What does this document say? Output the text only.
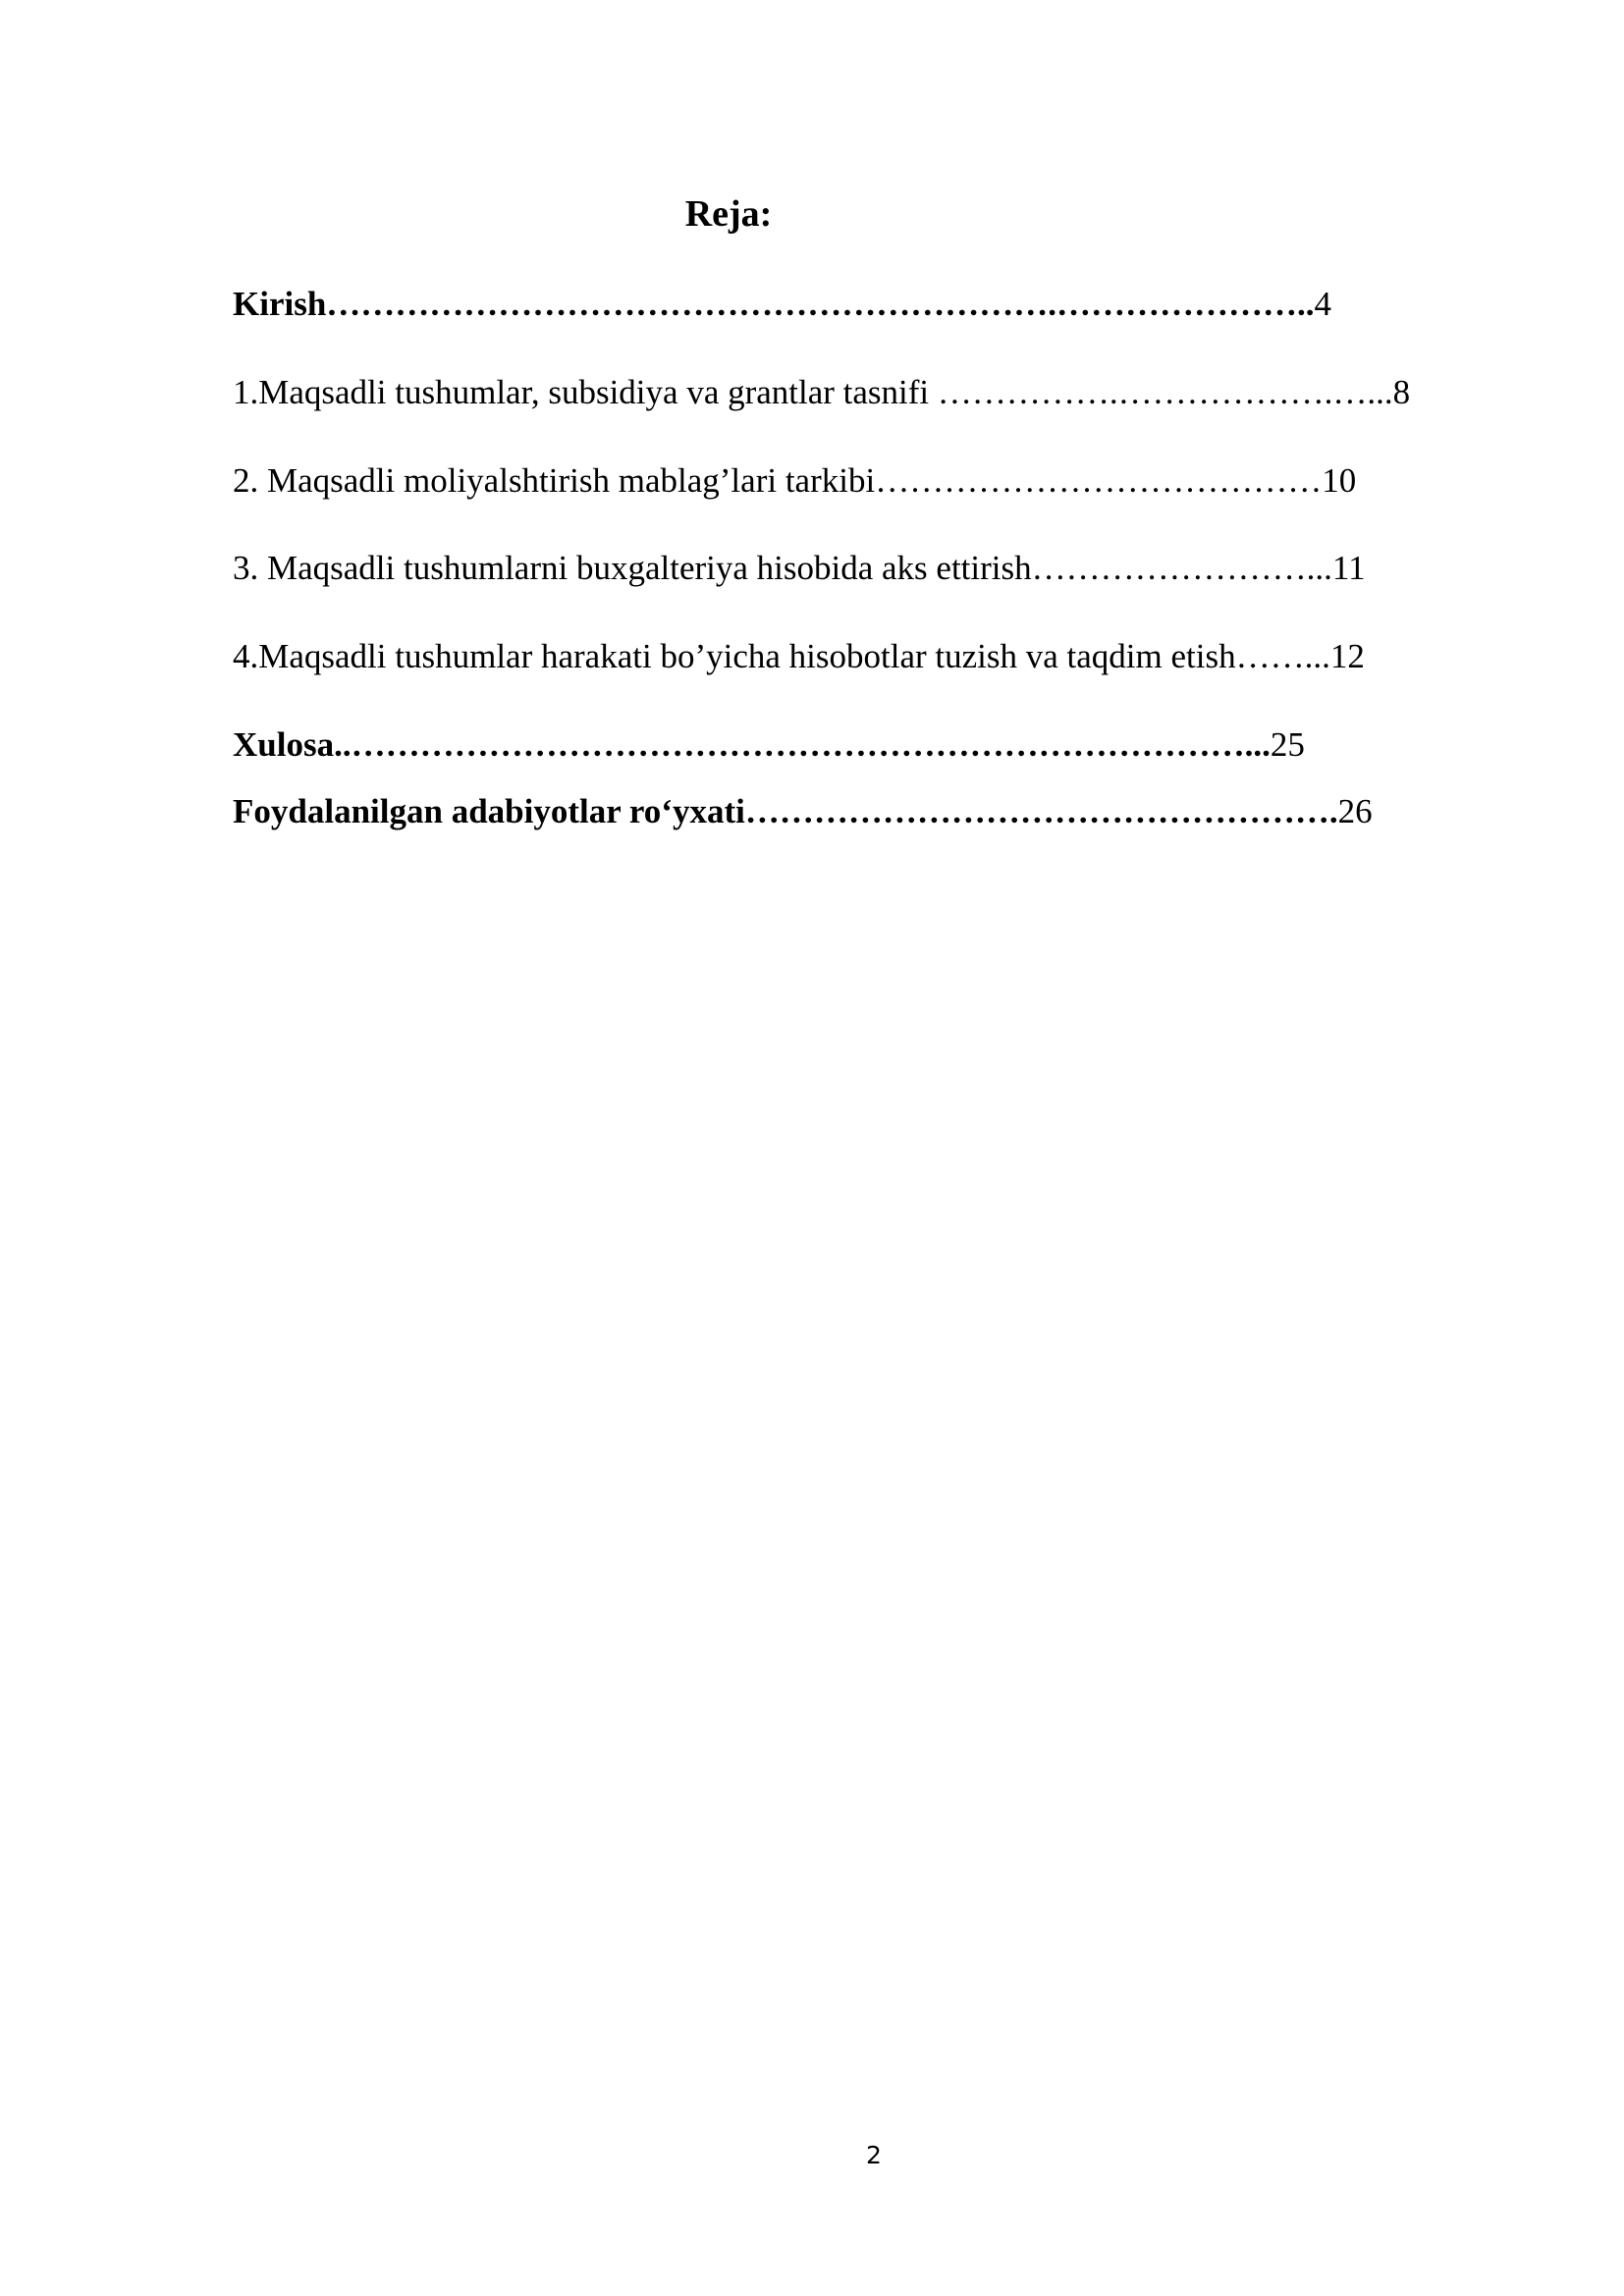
Reja:
Kirish……………………………………………………….…………………..4
1.Maqsadli tushumlar, subsidiya va grantlar tasnifi …………….……………….…...8
2. Maqsadli moliyalshtirish mablag’lari tarkibi…………………………………10
3. Maqsadli tushumlarni buxgalteriya hisobida aks ettirish……………………...11
4.Maqsadli tushumlar harakati bo’yicha hisobotlar tuzish va taqdim etish……...12
Xulosa..……………………………………………………………………...25
Foydalanilgan adabiyotlar ro‘yxati…………………………………………….26
2
